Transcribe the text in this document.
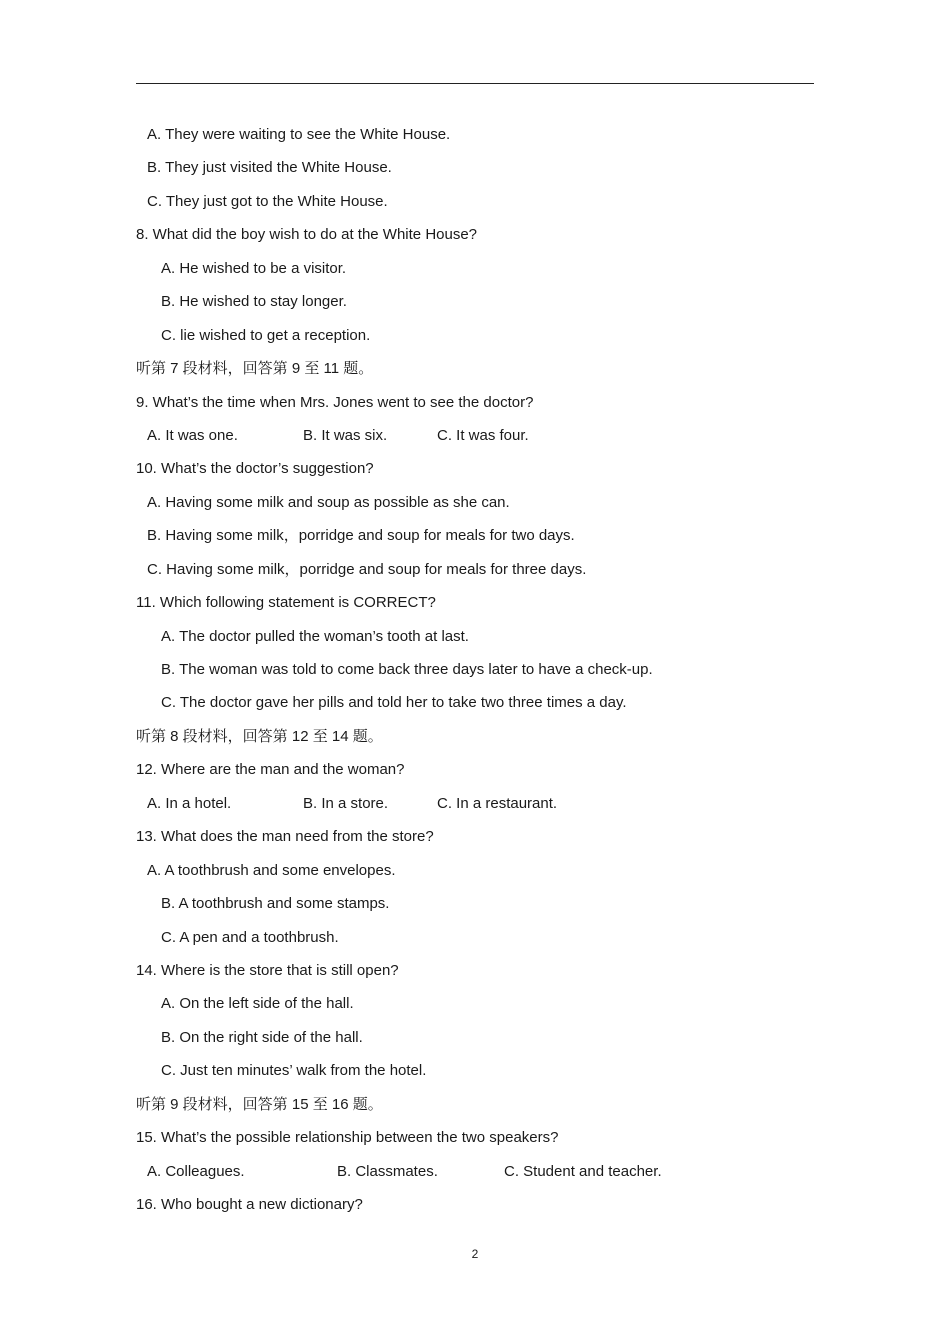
A. They were waiting to see the White House.
B. They just visited the White House.
C. They just got to the White House.
8. What did the boy wish to do at the White House?
A. He wished to be a visitor.
B. He wished to stay longer.
C. lie wished to get a reception.
听第 7 段材料，回答第 9 至 11 题。
9. What’s the time when Mrs. Jones went to see the doctor?
A. It was one.	B. It was six.	C. It was four.
10. What’s the doctor’s suggestion?
A. Having some milk and soup as possible as she can.
B. Having some milk，porridge and soup for meals for two days.
C. Having some milk，porridge and soup for meals for three days.
11. Which following statement is CORRECT?
A. The doctor pulled the woman’s tooth at last.
B. The woman was told to come back three days later to have a check-up.
C. The doctor gave her pills and told her to take two three times a day.
听第 8 段材料，回答第 12 至 14 题。
12. Where are the man and the woman?
A. In a hotel.	B. In a store.	C. In a restaurant.
13. What does the man need from the store?
A. A toothbrush and some envelopes.
B. A toothbrush and some stamps.
C. A pen and a toothbrush.
14. Where is the store that is still open?
A. On the left side of the hall.
B. On the right side of the hall.
C. Just ten minutes’ walk from the hotel.
听第 9 段材料，回答第 15 至 16 题。
15. What’s the possible relationship between the two speakers?
A. Colleagues.	B. Classmates.	C. Student and teacher.
16. Who bought a new dictionary?
2
